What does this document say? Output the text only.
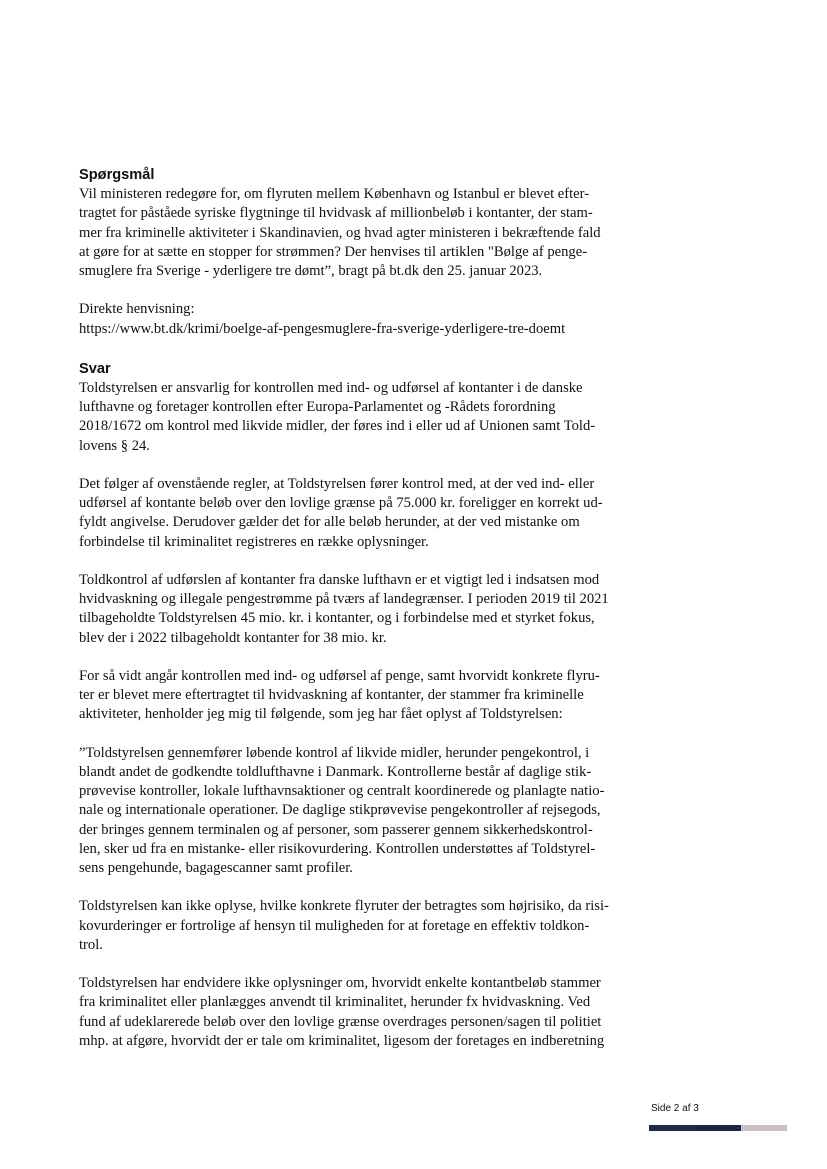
Spørgsmål
Vil ministeren redegøre for, om flyruten mellem København og Istanbul er blevet efter-
tragtet for påståede syriske flygtninge til hvidvask af millionbeløb i kontanter, der stam-
mer fra kriminelle aktiviteter i Skandinavien, og hvad agter ministeren i bekræftende fald
at gøre for at sætte en stopper for strømmen? Der henvises til artiklen "Bølge af penge-
smuglere fra Sverige - yderligere tre dømt”, bragt på bt.dk den 25. januar 2023.
Direkte henvisning:
https://www.bt.dk/krimi/boelge-af-pengesmuglere-fra-sverige-yderligere-tre-doemt
Svar
Toldstyrelsen er ansvarlig for kontrollen med ind- og udførsel af kontanter i de danske
lufthavne og foretager kontrollen efter Europa-Parlamentet og -Rådets forordning
2018/1672 om kontrol med likvide midler, der føres ind i eller ud af Unionen samt Told-
lovens § 24.
Det følger af ovenstående regler, at Toldstyrelsen fører kontrol med, at der ved ind- eller
udførsel af kontante beløb over den lovlige grænse på 75.000 kr. foreligger en korrekt ud-
fyldt angivelse. Derudover gælder det for alle beløb herunder, at der ved mistanke om
forbindelse til kriminalitet registreres en række oplysninger.
Toldkontrol af udførslen af kontanter fra danske lufthavn er et vigtigt led i indsatsen mod
hvidvaskning og illegale pengestrømme på tværs af landegrænser. I perioden 2019 til 2021
tilbageholdte Toldstyrelsen 45 mio. kr. i kontanter, og i forbindelse med et styrket fokus,
blev der i 2022 tilbageholdt kontanter for 38 mio. kr.
For så vidt angår kontrollen med ind- og udførsel af penge, samt hvorvidt konkrete flyru-
ter er blevet mere eftertragtet til hvidvaskning af kontanter, der stammer fra kriminelle
aktiviteter, henholder jeg mig til følgende, som jeg har fået oplyst af Toldstyrelsen:
”Toldstyrelsen gennemfører løbende kontrol af likvide midler, herunder pengekontrol, i
blandt andet de godkendte toldlufthavne i Danmark. Kontrollerne består af daglige stik-
prøvevise kontroller, lokale lufthavnsaktioner og centralt koordinerede og planlagte natio-
nale og internationale operationer. De daglige stikprøvevise pengekontroller af rejsegods,
der bringes gennem terminalen og af personer, som passerer gennem sikkerhedskontrol-
len, sker ud fra en mistanke- eller risikovurdering. Kontrollen understøttes af Toldstyrel-
sens pengehunde, bagagescanner samt profiler.
Toldstyrelsen kan ikke oplyse, hvilke konkrete flyruter der betragtes som højrisiko, da risi-
kovurderinger er fortrolige af hensyn til muligheden for at foretage en effektiv toldkon-
trol.
Toldstyrelsen har endvidere ikke oplysninger om, hvorvidt enkelte kontantbeløb stammer
fra kriminalitet eller planlægges anvendt til kriminalitet, herunder fx hvidvaskning. Ved
fund af udeklarerede beløb over den lovlige grænse overdrages personen/sagen til politiet
mhp. at afgøre, hvorvidt der er tale om kriminalitet, ligesom der foretages en indberetning
Side 2 af 3
